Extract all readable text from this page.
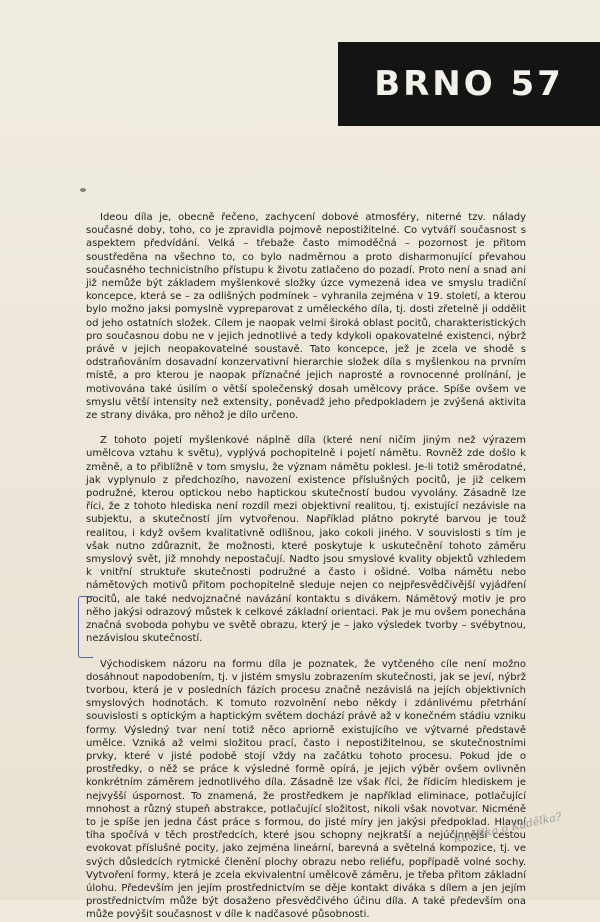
BRNO 57

Ideou díla je, obecně řečeno, zachycení dobové atmosféry, niterné tzv. nálady současné doby, toho, co je zpravidla pojmově nepostižitelné. Co vytváří současnost s aspektem předvídání. Velká – třebaže často mimoděčná – pozornost je přitom soustředěna na všechno to, co bylo nadměrnou a proto disharmonující převahou současného technicistního přístupu k životu zatlačeno do pozadí. Proto není a snad ani již nemůže být základem myšlenkové složky úzce vymezená idea ve smyslu tradiční koncepce, která se – za odlišných podmínek – vyhranila zejména v 19. století, a kterou bylo možno jaksi pomyslně vypreparovat z uměleckého díla, tj. dosti zřetelně ji oddělit od jeho ostatních složek. Cílem je naopak velmi široká oblast pocitů, charakteristických pro současnou dobu ne v jejich jednotlivé a tedy kdykoli opakovatelné existenci, nýbrž právě v jejich neopakovatelné soustavě. Tato koncepce, jež je zcela ve shodě s odstraňováním dosavadní konzervativní hierarchie složek díla s myšlenkou na prvním místě, a pro kterou je naopak příznačné jejich naprosté a rovnocenné prolínání, je motivována také úsilím o větší společenský dosah umělcovy práce. Spíše ovšem ve smyslu větší intensity než extensity, poněvadž jeho předpokladem je zvýšená aktivita ze strany diváka, pro něhož je dílo určeno.

Z tohoto pojetí myšlenkové náplně díla (které není ničím jiným než výrazem umělcova vztahu k světu), vyplývá pochopitelně i pojetí námětu. Rovněž zde došlo k změně, a to přiblížně v tom smyslu, že význam námětu poklesl. Je-li totiž směrodatné, jak vyplynulo z předchozího, navození existence příslušných pocitů, je již celkem podružné, kterou optickou nebo haptickou skutečností budou vyvolány. Zásadně lze říci, že z tohoto hlediska není rozdíl mezi objektivní realitou, tj. existující nezávisle na subjektu, a skutečností jím vytvořenou. Například plátno pokryté barvou je touž realitou, i když ovšem kvalitativně odlišnou, jako cokoli jiného. V souvislosti s tím je však nutno zdůraznit, že možnosti, které poskytuje k uskutečnění tohoto záměru smyslový svět, již mnohdy nepostačují. Nadto jsou smyslové kvality objektů vzhledem k vnitřní struktuře skutečnosti podružné a často i ošidné. Volba námětu nebo námětových motivů přitom pochopitelně sleduje nejen co nejpřesvědčivější vyjádření pocitů, ale také nedvojznačné navázání kontaktu s divákem. Námětový motiv je pro něho jakýsi odrazový můstek k celkové základní orientaci. Pak je mu ovšem ponechána značná svoboda pohybu ve světě obrazu, který je – jako výsledek tvorby – svébytnou, nezávislou skutečností.

Východiskem názoru na formu díla je poznatek, že vytčeného cíle není možno dosáhnout napodobením, tj. v jistém smyslu zobrazením skutečnosti, jak se jeví, nýbrž tvorbou, která je v posledních fázích procesu značně nezávislá na jejích objektivních smyslových hodnotách. K tomuto rozvolnění nebo někdy i zdánlivému přetrhání souvislosti s optickým a haptickým světem dochází právě až v konečném stádiu vzniku formy. Výsledný tvar není totiž něco apriorně existujícího ve výtvarné představě umělce. Vzniká až velmi složitou prací, často i nepostižitelnou, se skutečnostními prvky, které v jisté podobě stojí vždy na začátku tohoto procesu. Pokud jde o prostředky, o něž se práce k výsledné formě opírá, je jejich výběr ovšem ovlivněn konkrétním záměrem jednotlivého díla. Zásadně lze však říci, že řídicím hlediskem je nejvyšší úspornost. To znamená, že prostředkem je například eliminace, potlačující mnohost a různý stupeň abstrakce, potlačující složitost, nikoli však novotvar. Nicméně to je spíše jen jedna část práce s formou, do jisté míry jen jakýsi předpoklad. Hlavní tíha spočívá v těch prostředcích, které jsou schopny nejkratší a nejúčinnější cestou evokovat příslušné pocity, jako zejména lineární, barevná a světelná kompozice, tj. ve svých důsledcích rytmické členění plochy obrazu nebo reliéfu, popřípadě volné sochy. Vytvoření formy, která je zcela ekvivalentní umělcově záměru, je třeba přitom základní úlohu. Především jen jejím prostřednictvím se děje kontakt diváka s dílem a jen jejím prostřednictvím může být dosaženo přesvědčivého účinu díla. A také především ona může povýšit současnost v díle k nadčasové působnosti.

Kudělka ó Kudělka?
